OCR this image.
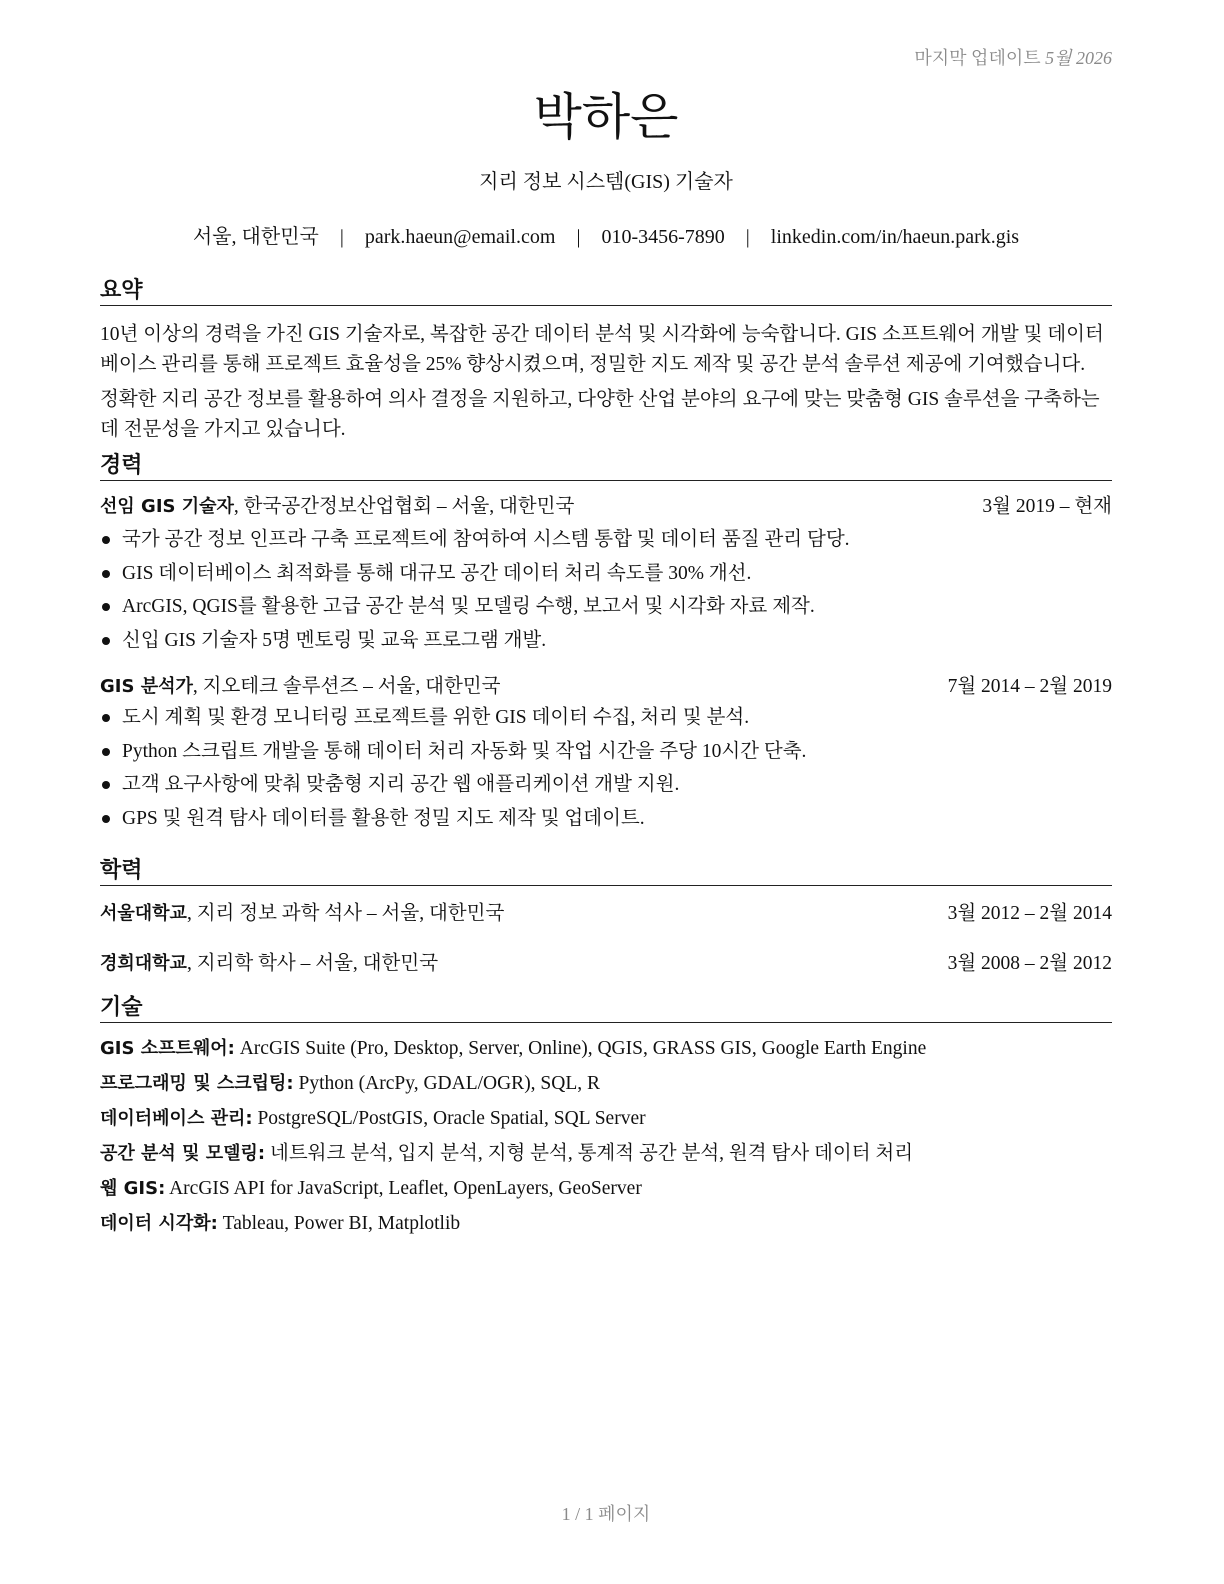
마지막 업데이트 5월 2026
박하은
지리 정보 시스템(GIS) 기술자
서울, 대한민국 | park.haeun@email.com | 010-3456-7890 | linkedin.com/in/haeun.park.gis
요약

10년 이상의 경력을 가진 GIS 기술자로, 복잡한 공간 데이터 분석 및 시각화에 능숙합니다. GIS 소프트웨어 개발 및 데이터베이스 관리를 통해 프로젝트 효율성을 25% 향상시켰으며, 정밀한 지도 제작 및 공간 분석 솔루션 제공에 기여했습니다.

정확한 지리 공간 정보를 활용하여 의사 결정을 지원하고, 다양한 산업 분야의 요구에 맞는 맞춤형 GIS 솔루션을 구축하는 데 전문성을 가지고 있습니다.

경력
선임 GIS 기술자, 한국공간정보산업협회 – 서울, 대한민국	3월 2019 – 현재
국가 공간 정보 인프라 구축 프로젝트에 참여하여 시스템 통합 및 데이터 품질 관리 담당.
GIS 데이터베이스 최적화를 통해 대규모 공간 데이터 처리 속도를 30% 개선.
ArcGIS, QGIS를 활용한 고급 공간 분석 및 모델링 수행, 보고서 및 시각화 자료 제작.
신입 GIS 기술자 5명 멘토링 및 교육 프로그램 개발.
GIS 분석가, 지오테크 솔루션즈 – 서울, 대한민국	7월 2014 – 2월 2019
도시 계획 및 환경 모니터링 프로젝트를 위한 GIS 데이터 수집, 처리 및 분석.
Python 스크립트 개발을 통해 데이터 처리 자동화 및 작업 시간을 주당 10시간 단축.
고객 요구사항에 맞춰 맞춤형 지리 공간 웹 애플리케이션 개발 지원.
GPS 및 원격 탐사 데이터를 활용한 정밀 지도 제작 및 업데이트.
학력
서울대학교, 지리 정보 과학 석사 – 서울, 대한민국	3월 2012 – 2월 2014
경희대학교, 지리학 학사 – 서울, 대한민국	3월 2008 – 2월 2012
기술
GIS 소프트웨어: ArcGIS Suite (Pro, Desktop, Server, Online), QGIS, GRASS GIS, Google Earth Engine
프로그래밍 및 스크립팅: Python (ArcPy, GDAL/OGR), SQL, R
데이터베이스 관리: PostgreSQL/PostGIS, Oracle Spatial, SQL Server
공간 분석 및 모델링: 네트워크 분석, 입지 분석, 지형 분석, 통계적 공간 분석, 원격 탐사 데이터 처리
웹 GIS: ArcGIS API for JavaScript, Leaflet, OpenLayers, GeoServer
데이터 시각화: Tableau, Power BI, Matplotlib
1 / 1 페이지
